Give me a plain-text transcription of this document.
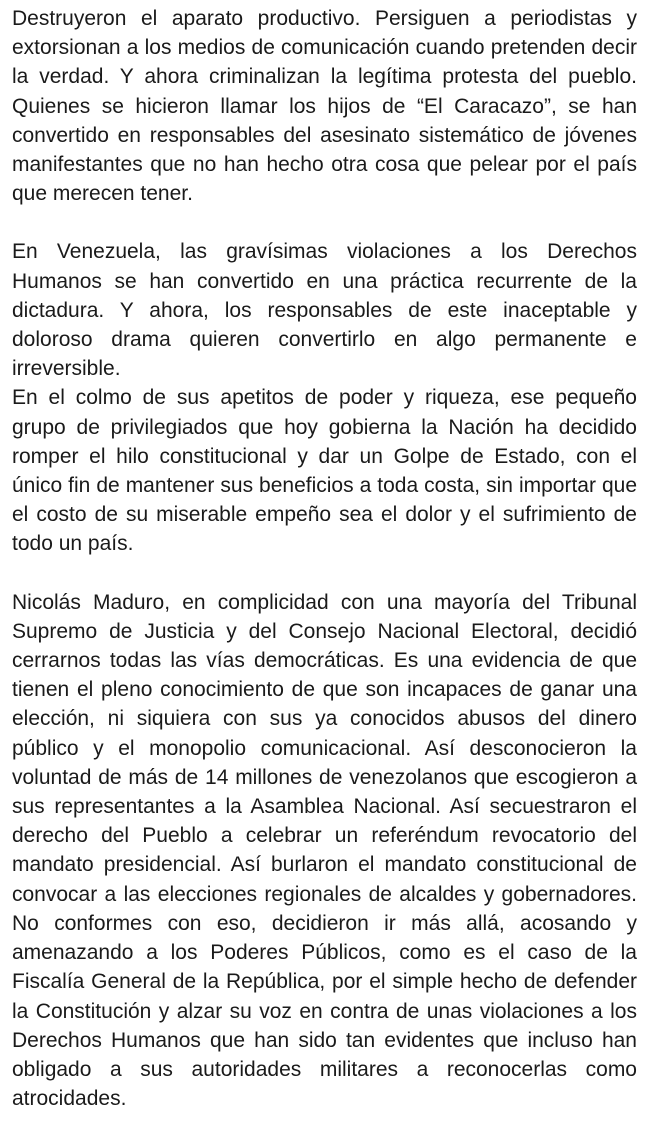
Destruyeron el aparato productivo. Persiguen a periodistas y extorsionan a los medios de comunicación cuando pretenden decir la verdad. Y ahora criminalizan la legítima protesta del pueblo. Quienes se hicieron llamar los hijos de “El Caracazo”, se han convertido en responsables del asesinato sistemático de jóvenes manifestantes que no han hecho otra cosa que pelear por el país que merecen tener.

En Venezuela, las gravísimas violaciones a los Derechos Humanos se han convertido en una práctica recurrente de la dictadura. Y ahora, los responsables de este inaceptable y doloroso drama quieren convertirlo en algo permanente e irreversible.

En el colmo de sus apetitos de poder y riqueza, ese pequeño grupo de privilegiados que hoy gobierna la Nación ha decidido romper el hilo constitucional y dar un Golpe de Estado, con el único fin de mantener sus beneficios a toda costa, sin importar que el costo de su miserable empeño sea el dolor y el sufrimiento de todo un país.

Nicolás Maduro, en complicidad con una mayoría del Tribunal Supremo de Justicia y del Consejo Nacional Electoral, decidió cerrarnos todas las vías democráticas. Es una evidencia de que tienen el pleno conocimiento de que son incapaces de ganar una elección, ni siquiera con sus ya conocidos abusos del dinero público y el monopolio comunicacional. Así desconocieron la voluntad de más de 14 millones de venezolanos que escogieron a sus representantes a la Asamblea Nacional. Así secuestraron el derecho del Pueblo a celebrar un referéndum revocatorio del mandato presidencial. Así burlaron el mandato constitucional de convocar a las elecciones regionales de alcaldes y gobernadores. No conformes con eso, decidieron ir más allá, acosando y amenazando a los Poderes Públicos, como es el caso de la Fiscalía General de la República, por el simple hecho de defender la Constitución y alzar su voz en contra de unas violaciones a los Derechos Humanos que han sido tan evidentes que incluso han obligado a sus autoridades militares a reconocerlas como atrocidades.
